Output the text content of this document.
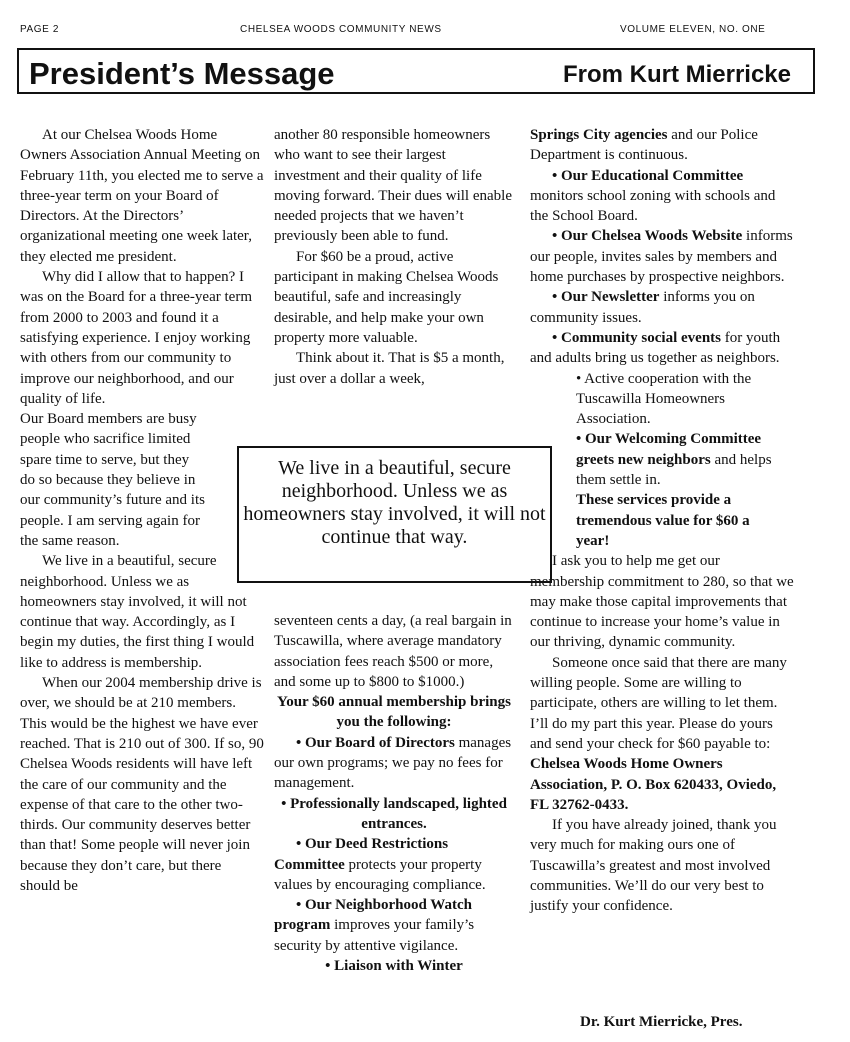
PAGE 2	CHELSEA WOODS COMMUNITY NEWS	VOLUME ELEVEN, NO. ONE
President’s Message	From Kurt Mierricke

At our Chelsea Woods Home Owners Association Annual Meeting on February 11th, you elected me to serve a three-year term on your Board of Directors. At the Directors’ organizational meeting one week later, they elected me president.

Why did I allow that to happen? I was on the Board for a three-year term from 2000 to 2003 and found it a satisfying experience. I enjoy working with others from our community to improve our neighborhood, and our quality of life.

Our Board members are busy people who sacrifice limited spare time to serve, but they do so because they believe in our community’s future and its people. I am serving again for the same reason.

We live in a beautiful, secure neighborhood. Unless we as homeowners stay involved, it will not continue that way. Accordingly, as I begin my duties, the first thing I would like to address is membership.

When our 2004 membership drive is over, we should be at 210 members. This would be the highest we have ever reached. That is 210 out of 300. If so, 90 Chelsea Woods residents will have left the care of our community and the expense of that care to the other two-thirds. Our community deserves better than that! Some people will never join because they don’t care, but there should be

another 80 responsible homeowners who want to see their largest investment and their quality of life moving forward. Their dues will enable needed projects that we haven’t previously been able to fund.

For $60 be a proud, active participant in making Chelsea Woods beautiful, safe and increasingly desirable, and help make your own property more valuable.

Think about it. That is $5 a month, just over a dollar a week,

We live in a beautiful, secure neighborhood. Unless we as homeowners stay involved, it will not continue that way.

seventeen cents a day, (a real bargain in Tuscawilla, where average mandatory association fees reach $500 or more, and some up to $800 to $1000.)

Your $60 annual membership brings you the following:

• Our Board of Directors manages our own programs; we pay no fees for management.

• Professionally landscaped, lighted entrances.

• Our Deed Restrictions Committee protects your property values by encouraging compliance.

• Our Neighborhood Watch program improves your family’s security by attentive vigilance.

• Liaison with Winter

Springs City agencies and our Police Department is continuous.

• Our Educational Committee monitors school zoning with schools and the School Board.

• Our Chelsea Woods Website informs our people, invites sales by members and home purchases by prospective neighbors.

• Our Newsletter informs you on community issues.

• Community social events for youth and adults bring us together as neighbors.

• Active cooperation with the Tuscawilla Homeowners Association.

• Our Welcoming Committee greets new neighbors and helps them settle in.

These services provide a tremendous value for $60 a year!

I ask you to help me get our membership commitment to 280, so that we may make those capital improvements that continue to increase your home’s value in our thriving, dynamic community.

Someone once said that there are many willing people. Some are willing to participate, others are willing to let them. I’ll do my part this year. Please do yours and send your check for $60 payable to: Chelsea Woods Home Owners Association, P. O. Box 620433, Oviedo, FL 32762-0433.

If you have already joined, thank you very much for making ours one of Tuscawilla’s greatest and most involved communities. We’ll do our very best to justify your confidence.

Dr. Kurt Mierricke, Pres.
